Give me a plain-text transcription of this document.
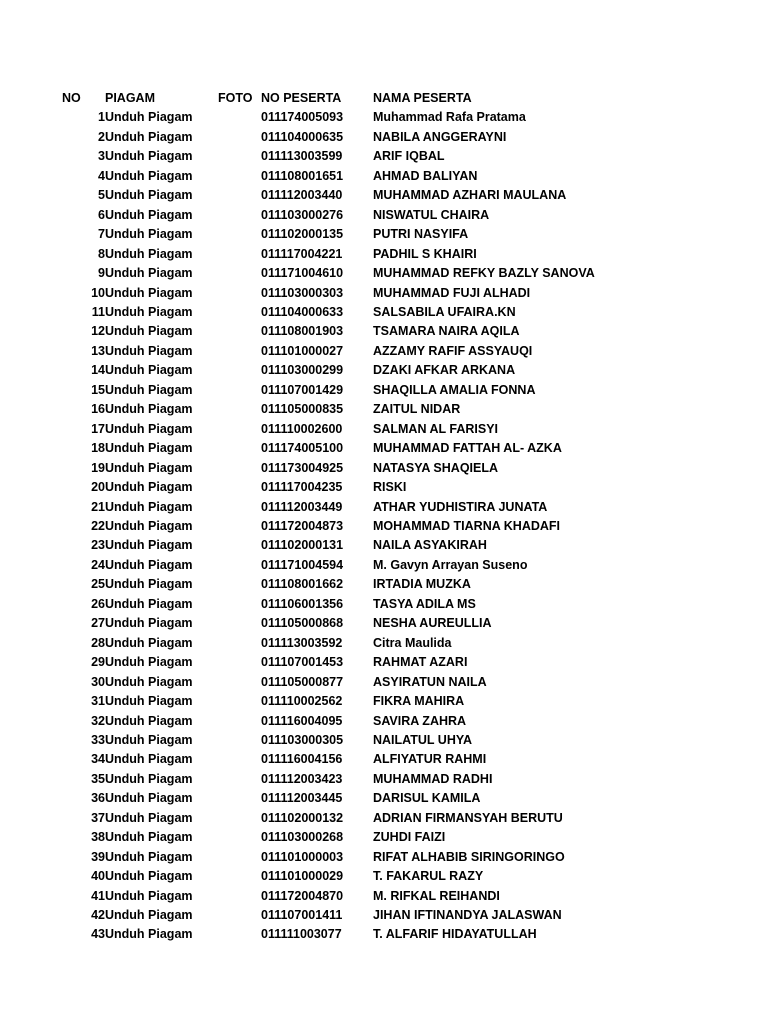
NO	PIAGAM	FOTO	NO PESERTA	NAMA PESERTA
1	Unduh Piagam		011174005093	Muhammad Rafa Pratama
2	Unduh Piagam		011104000635	NABILA ANGGERAYNI
3	Unduh Piagam		011113003599	ARIF IQBAL
4	Unduh Piagam		011108001651	AHMAD BALIYAN
5	Unduh Piagam		011112003440	MUHAMMAD AZHARI MAULANA
6	Unduh Piagam		011103000276	NISWATUL CHAIRA
7	Unduh Piagam		011102000135	PUTRI NASYIFA
8	Unduh Piagam		011117004221	PADHIL S KHAIRI
9	Unduh Piagam		011171004610	MUHAMMAD REFKY BAZLY SANOVA
10	Unduh Piagam		011103000303	MUHAMMAD FUJI ALHADI
11	Unduh Piagam		011104000633	SALSABILA UFAIRA.KN
12	Unduh Piagam		011108001903	TSAMARA NAIRA AQILA
13	Unduh Piagam		011101000027	AZZAMY RAFIF ASSYAUQI
14	Unduh Piagam		011103000299	DZAKI AFKAR ARKANA
15	Unduh Piagam		011107001429	SHAQILLA AMALIA FONNA
16	Unduh Piagam		011105000835	ZAITUL NIDAR
17	Unduh Piagam		011110002600	SALMAN AL FARISYI
18	Unduh Piagam		011174005100	MUHAMMAD FATTAH AL- AZKA
19	Unduh Piagam		011173004925	NATASYA SHAQIELA
20	Unduh Piagam		011117004235	RISKI
21	Unduh Piagam		011112003449	ATHAR YUDHISTIRA JUNATA
22	Unduh Piagam		011172004873	MOHAMMAD TIARNA KHADAFI
23	Unduh Piagam		011102000131	NAILA ASYAKIRAH
24	Unduh Piagam		011171004594	M. Gavyn Arrayan Suseno
25	Unduh Piagam		011108001662	IRTADIA MUZKA
26	Unduh Piagam		011106001356	TASYA ADILA MS
27	Unduh Piagam		011105000868	NESHA AUREULLIA
28	Unduh Piagam		011113003592	Citra Maulida
29	Unduh Piagam		011107001453	RAHMAT AZARI
30	Unduh Piagam		011105000877	ASYIRATUN NAILA
31	Unduh Piagam		011110002562	FIKRA MAHIRA
32	Unduh Piagam		011116004095	SAVIRA ZAHRA
33	Unduh Piagam		011103000305	NAILATUL UHYA
34	Unduh Piagam		011116004156	ALFIYATUR RAHMI
35	Unduh Piagam		011112003423	MUHAMMAD RADHI
36	Unduh Piagam		011112003445	DARISUL KAMILA
37	Unduh Piagam		011102000132	ADRIAN FIRMANSYAH BERUTU
38	Unduh Piagam		011103000268	ZUHDI FAIZI
39	Unduh Piagam		011101000003	RIFAT ALHABIB SIRINGORINGO
40	Unduh Piagam		011101000029	T. FAKARUL RAZY
41	Unduh Piagam		011172004870	M. RIFKAL REIHANDI
42	Unduh Piagam		011107001411	JIHAN IFTINANDYA JALASWAN
43	Unduh Piagam		011111003077	T. ALFARIF HIDAYATULLAH
